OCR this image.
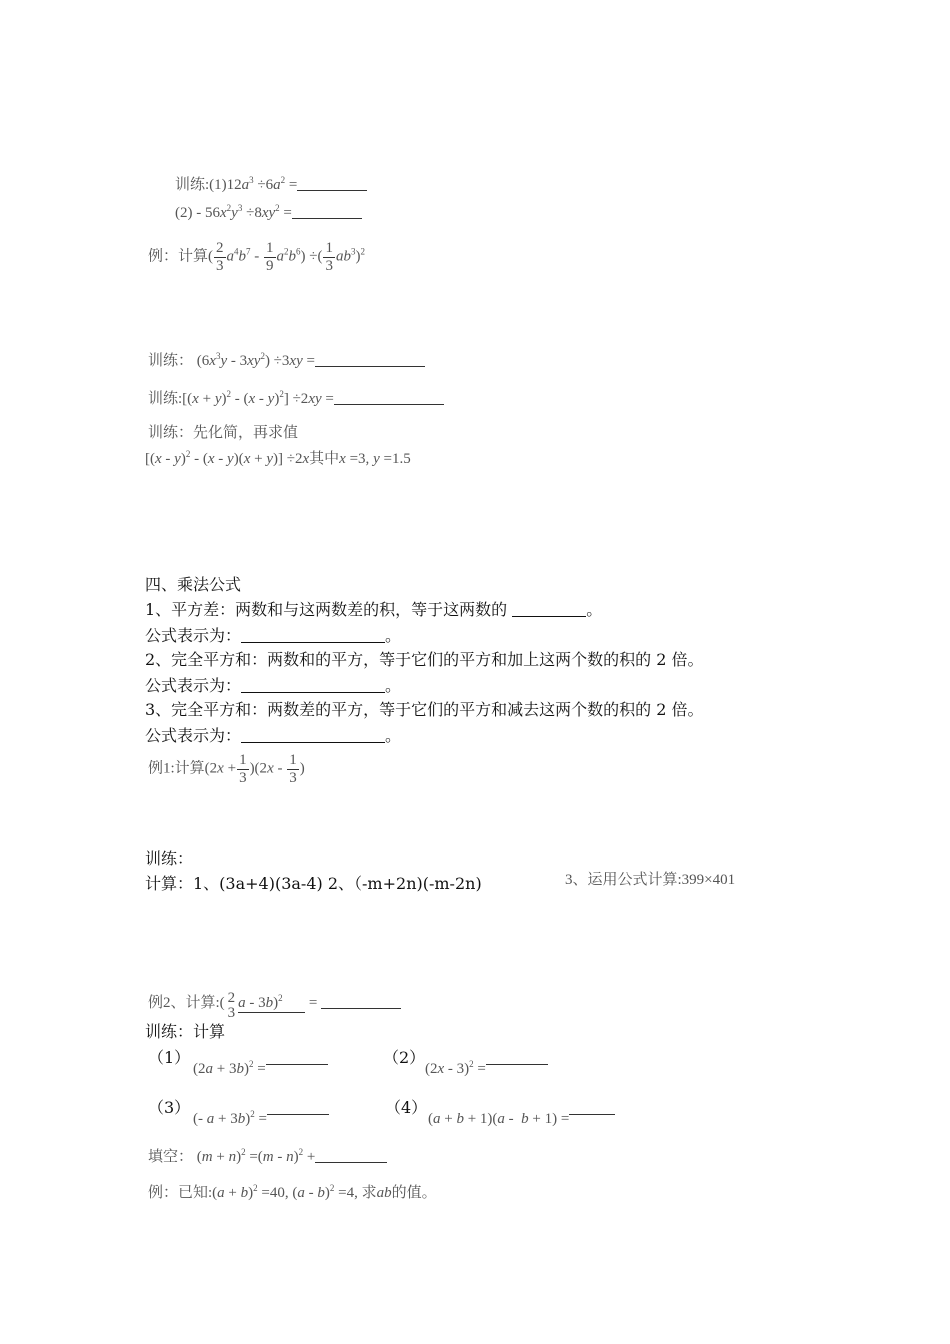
训练$:(1)12a^3 \div 6a^2$ =
$(2) - 56x^2y^3 \div 8xy^2$ =
例：计算( $\frac{2}{3} a^4b^7 - \frac{1}{9} a^2b^6$) ÷( $\frac{1}{3} ab^3)^2$
训练： $(6x^3y - 3xy^2) \div 3xy$ =
训练:[(x + y)$^2$ - (x - y)$^2$] ÷2xy =
训练：先化简，再求值
[(x - y)$^2$ - (x - y)(x + y)] ÷2x其中x =3, y =1.5
四、乘法公式
1、平方差：两数和与这两数差的积，等于这两数的	。
公式表示为：	。
2、完全平方和：两数和的平方，等于它们的平方和加上这两个数的积的 2 倍。
公式表示为：	。
3、完全平方和：两数差的平方，等于它们的平方和减去这两个数的积的 2 倍。
公式表示为：	。
例1:计算$(2x + \frac{1}{3} )(2x - \frac{1}{3}$ )
训练：
计算：1、(3a+4)(3a-4) 2、（-m+2n)(-m-2n)	3、运用公式计算:399×401
例2、计算:( 2
3
a - 3b)$^2$ =
训练：计算
（1）
$(2a + 3b)^2$ =
（2）
(2x - 3)$^2$ =
（3）
(- a + 3b)$^2$ =
（4）
(a + b + 1)(a -  b + 1) =
填空： $(m + n)^2 =(m - n)^2$ +
例：已知:(a + b)$^2$ =40, (a - b)$^2$ =4, 求ab的值。
